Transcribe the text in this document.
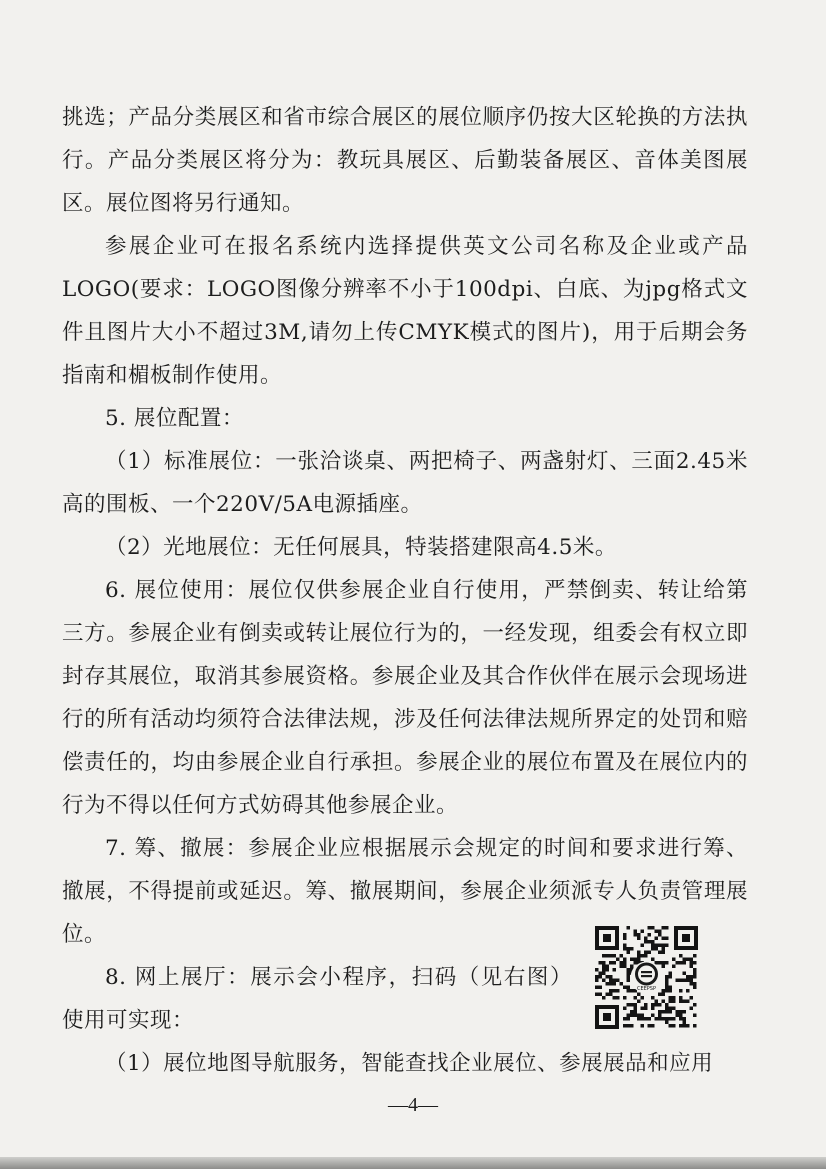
挑选；产品分类展区和省市综合展区的展位顺序仍按大区轮换的方法执行。产品分类展区将分为：教玩具展区、后勤装备展区、音体美图展区。展位图将另行通知。

参展企业可在报名系统内选择提供英文公司名称及企业或产品LOGO(要求：LOGO图像分辨率不小于100dpi、白底、为jpg格式文件且图片大小不超过3M,请勿上传CMYK模式的图片)，用于后期会务指南和楣板制作使用。

5. 展位配置：

（1）标准展位：一张洽谈桌、两把椅子、两盏射灯、三面2.45米高的围板、一个220V/5A电源插座。

（2）光地展位：无任何展具，特装搭建限高4.5米。

6. 展位使用：展位仅供参展企业自行使用，严禁倒卖、转让给第三方。参展企业有倒卖或转让展位行为的，一经发现，组委会有权立即封存其展位，取消其参展资格。参展企业及其合作伙伴在展示会现场进行的所有活动均须符合法律法规，涉及任何法律法规所界定的处罚和赔偿责任的，均由参展企业自行承担。参展企业的展位布置及在展位内的行为不得以任何方式妨碍其他参展企业。

7. 筹、撤展：参展企业应根据展示会规定的时间和要求进行筹、撤展，不得提前或延迟。筹、撤展期间，参展企业须派专人负责管理展位。

8. 网上展厅：展示会小程序，扫码（见右图）使用可实现：

（1）展位地图导航服务，智能查找企业展位、参展展品和应用

CEEPSP
—4—
